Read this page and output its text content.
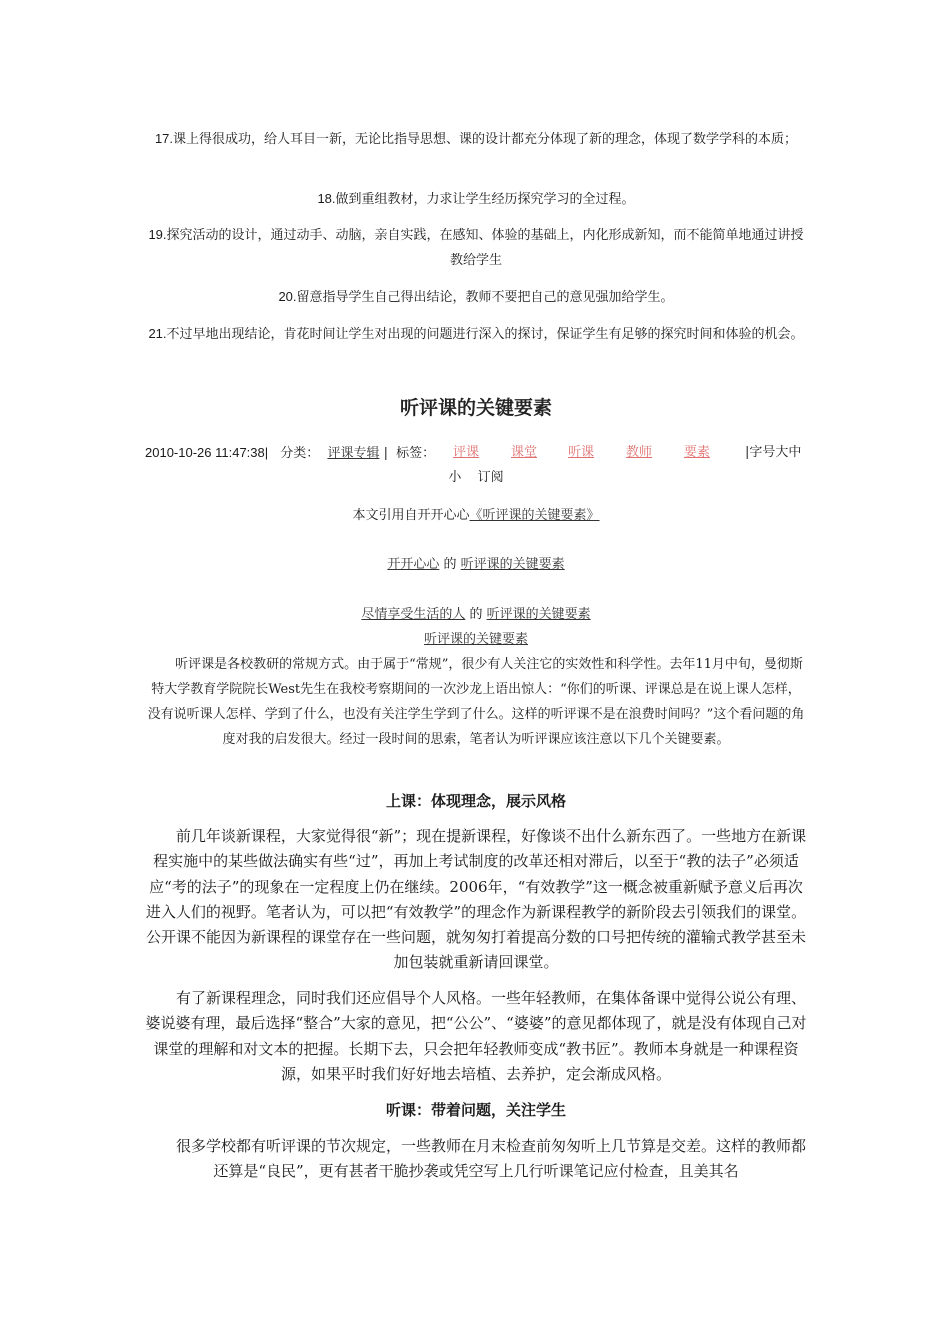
17.课上得很成功，给人耳目一新，无论比指导思想、课的设计都充分体现了新的理念，体现了数学学科的本质；
18.做到重组教材，力求让学生经历探究学习的全过程。
19.探究活动的设计，通过动手、动脑，亲自实践，在感知、体验的基础上，内化形成新知，而不能简单地通过讲授教给学生
20.留意指导学生自己得出结论，教师不要把自己的意见强加给学生。
21.不过早地出现结论，肯花时间让学生对出现的问题进行深入的探讨，保证学生有足够的探究时间和体验的机会。
听评课的关键要素
2010-10-26 11:47:38| 分类： 评课专辑 | 标签： 评课 课堂 听课 教师 要素	|字号大中
小 订阅
本文引用自开开心心《听评课的关键要素》
开开心心 的 听评课的关键要素
尽情享受生活的人 的 听评课的关键要素
听评课的关键要素
听评课是各校教研的常规方式。由于属于“常规”，很少有人关注它的实效性和科学性。去年11月中旬，曼彻斯特大学教育学院院长West先生在我校考察期间的一次沙龙上语出惊人：“你们的听课、评课总是在说上课人怎样，没有说听课人怎样、学到了什么，也没有关注学生学到了什么。这样的听评课不是在浪费时间吗？”这个看问题的角度对我的启发很大。经过一段时间的思索，笔者认为听评课应该注意以下几个关键要素。
上课：体现理念，展示风格
前几年谈新课程，大家觉得很“新”；现在提新课程，好像谈不出什么新东西了。一些地方在新课程实施中的某些做法确实有些“过”，再加上考试制度的改革还相对滞后，以至于“教的法子”必须适应“考的法子”的现象在一定程度上仍在继续。2006年，“有效教学”这一概念被重新赋予意义后再次进入人们的视野。笔者认为，可以把“有效教学”的理念作为新课程教学的新阶段去引领我们的课堂。公开课不能因为新课程的课堂存在一些问题，就匆匆打着提高分数的口号把传统的灌输式教学甚至未加包装就重新请回课堂。
有了新课程理念，同时我们还应倡导个人风格。一些年轻教师，在集体备课中觉得公说公有理、婆说婆有理，最后选择“整合”大家的意见，把“公公”、“婆婆”的意见都体现了，就是没有体现自己对课堂的理解和对文本的把握。长期下去，只会把年轻教师变成“教书匠”。教师本身就是一种课程资源，如果平时我们好好地去培植、去养护，定会渐成风格。
听课：带着问题，关注学生
很多学校都有听评课的节次规定，一些教师在月末检查前匆匆听上几节算是交差。这样的教师都还算是“良民”，更有甚者干脆抄袭或凭空写上几行听课笔记应付检查，且美其名
